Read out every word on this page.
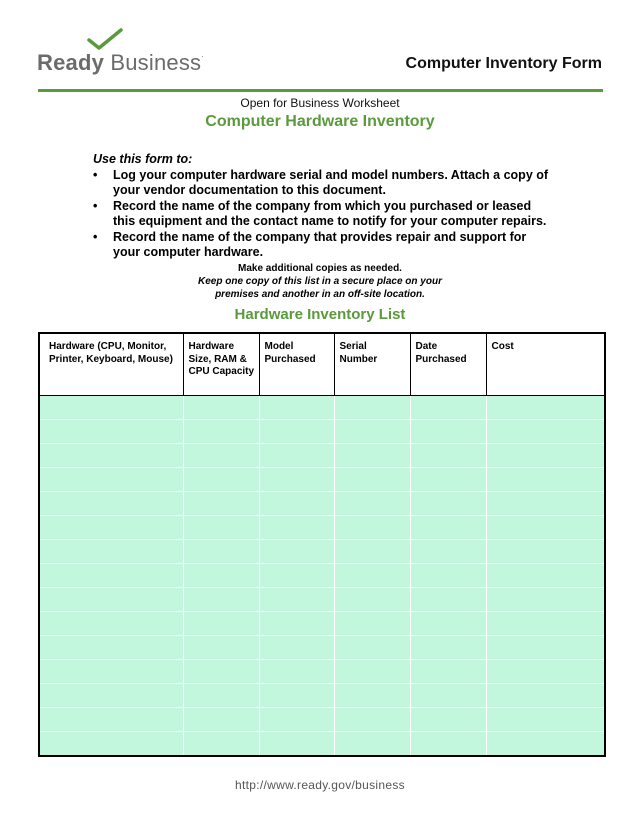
Ready Business.
Computer Inventory Form
Open for Business Worksheet
Computer Hardware Inventory
Use this form to:
• Log your computer hardware serial and model numbers. Attach a copy of your vendor documentation to this document.
• Record the name of the company from which you purchased or leased this equipment and the contact name to notify for your computer repairs.
• Record the name of the company that provides repair and support for your computer hardware.
Make additional copies as needed.
Keep one copy of this list in a secure place on your
premises and another in an off-site location.
Hardware Inventory List
Hardware (CPU, Monitor, Printer, Keyboard, Mouse)	Hardware Size, RAM & CPU Capacity	Model Purchased	Serial Number	Date Purchased	Cost

http://www.ready.gov/business
